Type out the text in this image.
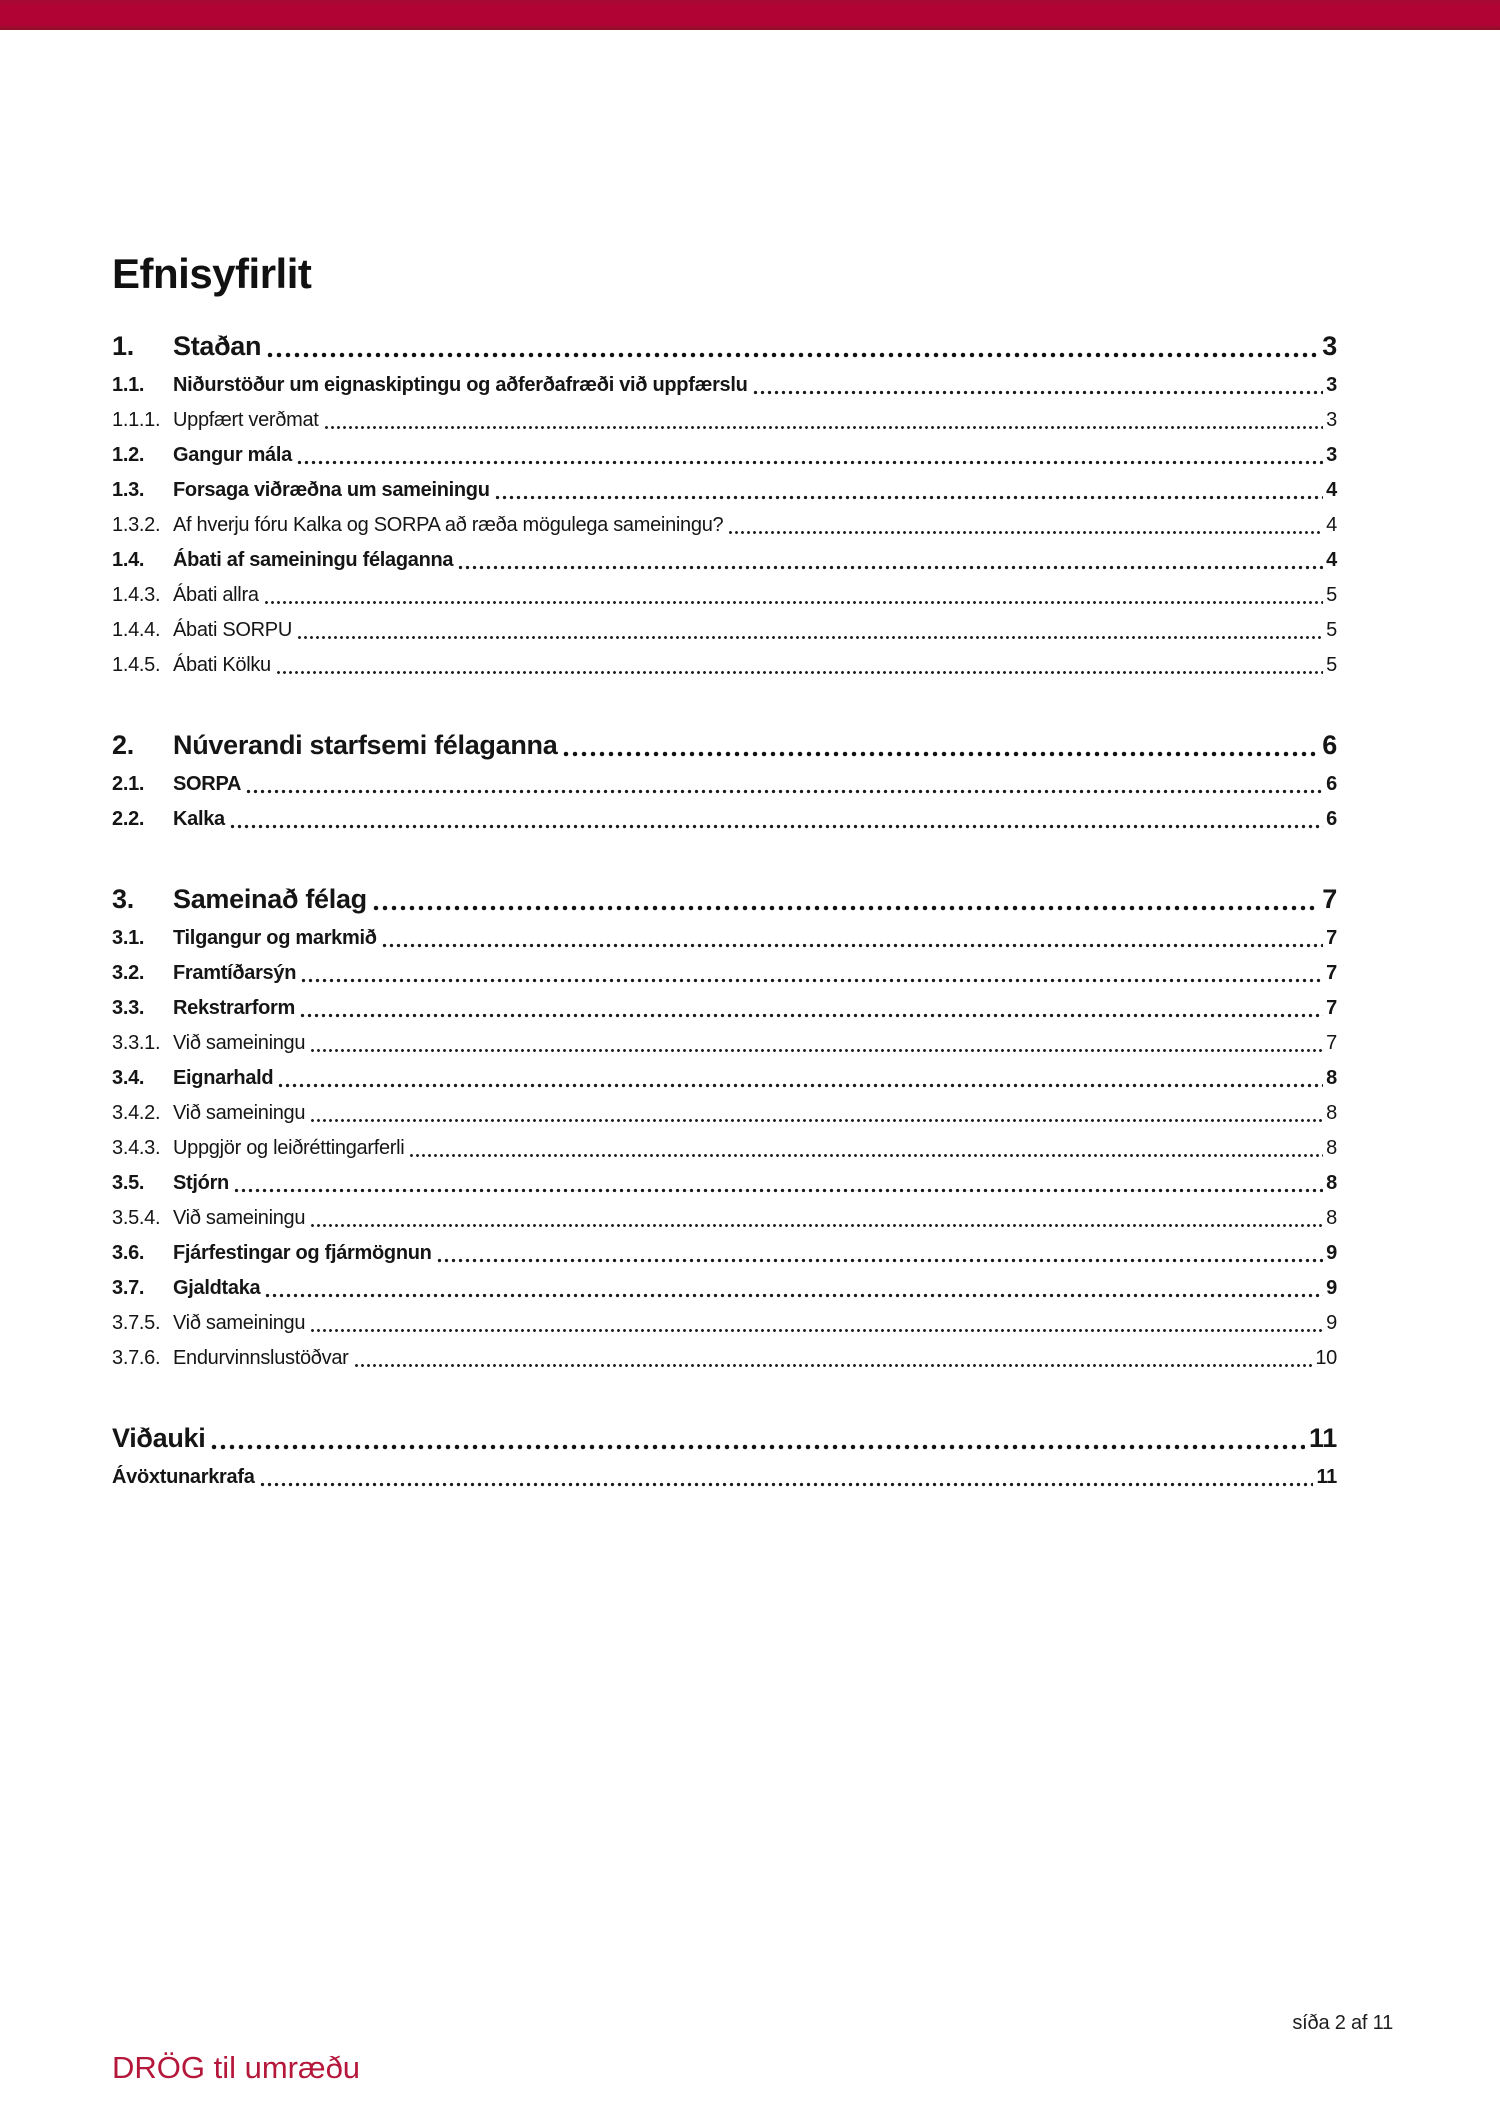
Efnisyfirlit
1.	Staðan	3
1.1.	Niðurstöður um eignaskiptingu og aðferðafræði við uppfærslu	3
1.1.1. Uppfært verðmat	3
1.2.	Gangur mála	3
1.3.	Forsaga viðræðna um sameiningu	4
1.3.2. Af hverju fóru Kalka og SORPA að ræða mögulega sameiningu?	4
1.4.	Ábati af sameiningu félaganna	4
1.4.3. Ábati allra	5
1.4.4. Ábati SORPU	5
1.4.5. Ábati Kölku	5
2.	Núverandi starfsemi félaganna	6
2.1.	SORPA	6
2.2.	Kalka	6
3.	Sameinað félag	7
3.1.	Tilgangur og markmið	7
3.2.	Framtíðarsýn	7
3.3.	Rekstrarform	7
3.3.1. Við sameiningu	7
3.4.	Eignarhald	8
3.4.2. Við sameiningu	8
3.4.3. Uppgjör og leiðréttingarferli	8
3.5.	Stjórn	8
3.5.4. Við sameiningu	8
3.6.	Fjárfestingar og fjármögnun	9
3.7.	Gjaldtaka	9
3.7.5. Við sameiningu	9
3.7.6. Endurvinnslustöðvar	10
Viðauki	11
Ávöxtunarkrafa	11
síða 2 af 11
DRÖG til umræðu
